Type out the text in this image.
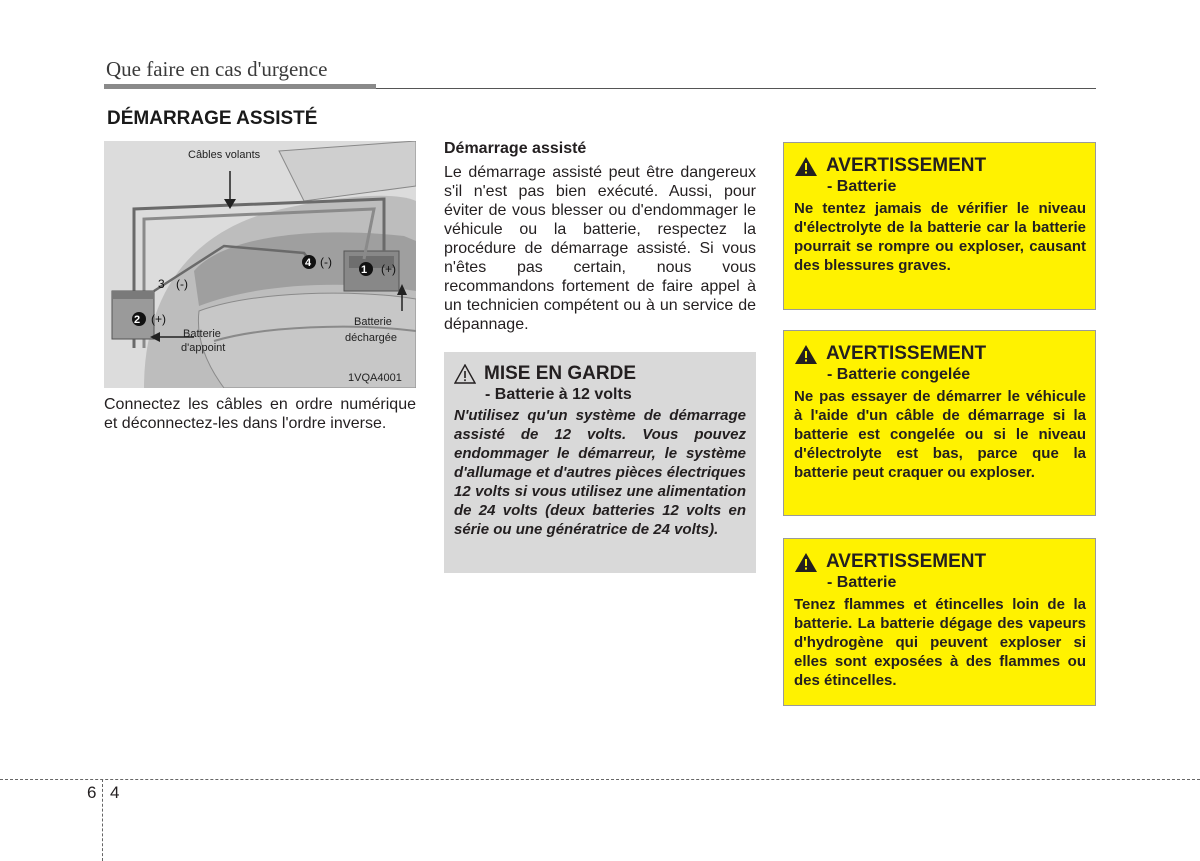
Que faire en cas d'urgence
DÉMARRAGE ASSISTÉ
Câbles volants
1 (+)
2 (+)
3 (-)
4 (-)
Batterie
d'appoint
Batterie
déchargée
1VQA4001
Connectez les câbles en ordre numérique et déconnectez-les dans l'ordre inverse.
Démarrage assisté
Le démarrage assisté peut être dangereux s'il n'est pas bien exécuté. Aussi, pour éviter de vous blesser ou d'endommager le véhicule ou la batterie, respectez la procédure de démarrage assisté. Si vous n'êtes pas certain, nous vous recommandons fortement de faire appel à un technicien compétent ou à un service de dépannage.
MISE EN GARDE
- Batterie à 12 volts
N'utilisez qu'un système de démarrage assisté de 12 volts. Vous pouvez endommager le démarreur, le système d'allumage et d'autres pièces électriques 12 volts si vous utilisez une alimentation de 24 volts (deux batteries 12 volts en série ou une génératrice de 24 volts).
AVERTISSEMENT
- Batterie
Ne tentez jamais de vérifier le niveau d'électrolyte de la batterie car la batterie pourrait se rompre ou exploser, causant des blessures graves.
AVERTISSEMENT
- Batterie congelée
Ne pas essayer de démarrer le véhicule à l'aide d'un câble de démarrage si la batterie est congelée ou si le niveau d'électrolyte est bas, parce que la batterie peut craquer ou exploser.
AVERTISSEMENT
- Batterie
Tenez flammes et étincelles loin de la batterie. La batterie dégage des vapeurs d'hydrogène qui peuvent exploser si elles sont exposées à des flammes ou des étincelles.
6 4
